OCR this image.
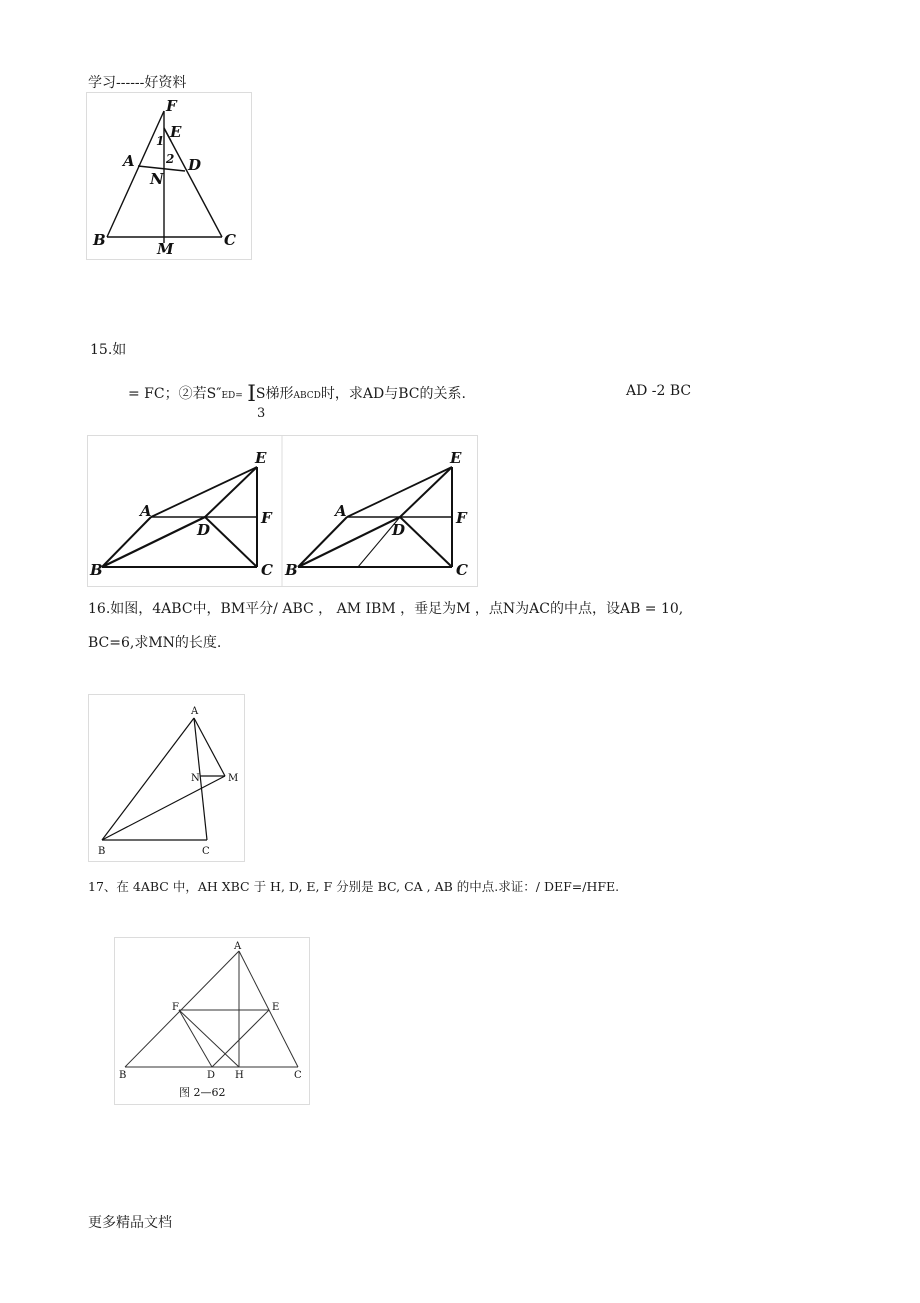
学习------好资料
F
E
1
2
A	D
N
B	M	C
15.如
= FC；②若S″ED= IS梯形ABCD时，求AD与BC的关系.	AD -2 BC
3
E
A
D
F
B	C
E
A
D
F
B	C
16.如图，4ABC中，BM平分/ ABC ， AM IBM ，垂足为M ，点N为AC的中点，设AB = 10,
BC=6,求MN的长度.
A
N	M
B	C
17、在 4ABC 中，AH XBC 于 H, D, E, F 分别是 BC, CA , AB 的中点.求证：/ DEF=/HFE.
A
F	E
B	D H	C
图 2—62
更多精品文档
